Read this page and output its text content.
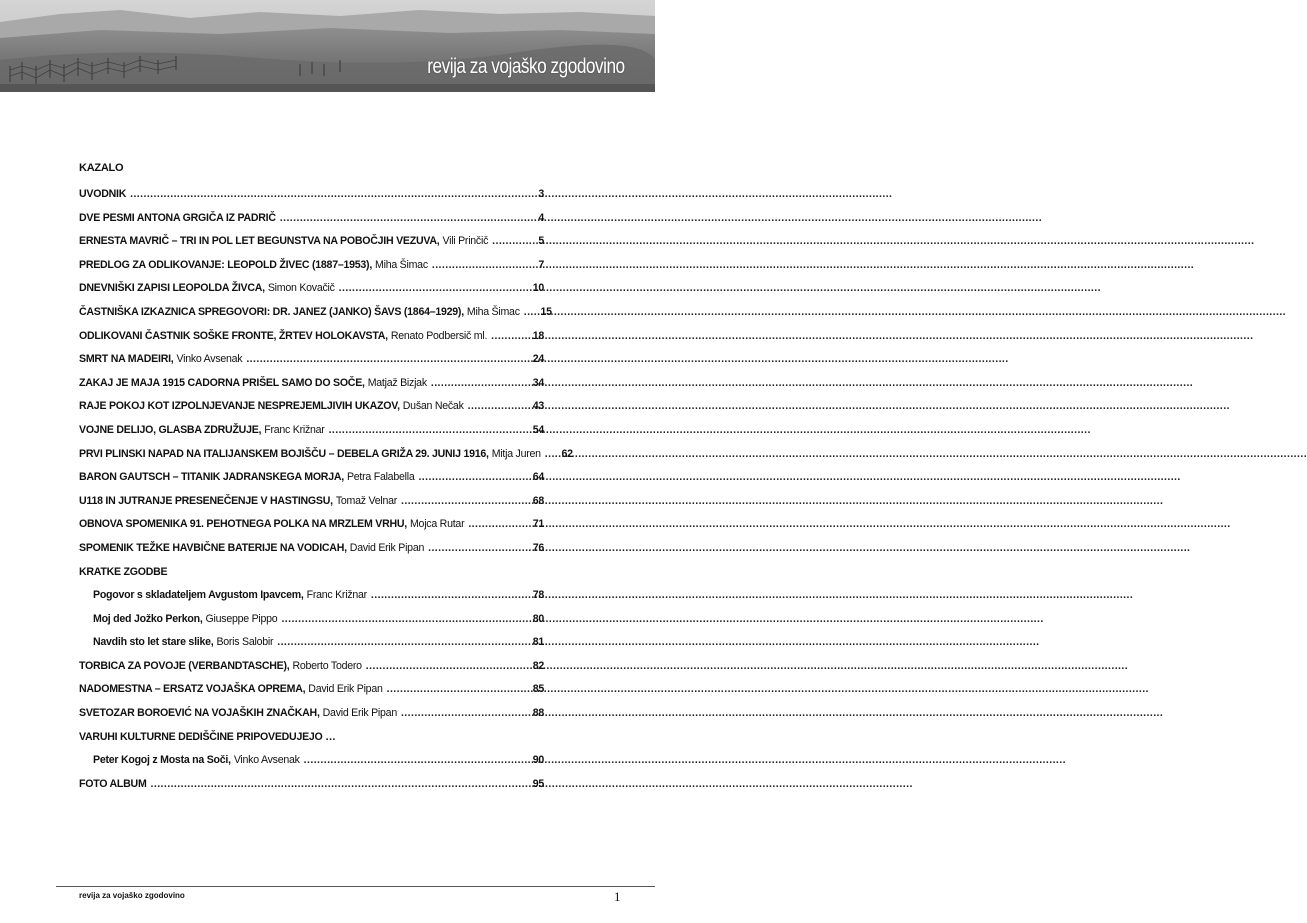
revija za vojaško zgodovino
KAZALO
UVODNIK .....	3
DVE PESMI ANTONA GRGIČA IZ PADRIČ .....	4
ERNESTA MAVRIČ – TRI IN POL LET BEGUNSTVA NA POBOČJIH VEZUVA, Vili Prinčič .....	5
PREDLOG ZA ODLIKOVANJE: LEOPOLD ŽIVEC (1887–1953), Miha Šimac .....	7
DNEVNIŠKI ZAPISI LEOPOLDA ŽIVCA, Simon Kovačič .....	10
ČASTNIŠKA IZKAZNICA SPREGOVORI: DR. JANEZ (JANKO) ŠAVS (1864–1929), Miha Šimac ..... 15
ODLIKOVANI ČASTNIK SOŠKE FRONTE, ŽRTEV HOLOKAVSTA, Renato Podbersič ml. .....	18
SMRT NA MADEIRI, Vinko Avsenak .....	24
ZAKAJ JE MAJA 1915 CADORNA PRIŠEL SAMO DO SOČE, Matjaž Bizjak .....	34
RAJE POKOJ KOT IZPOLNJEVANJE NESPREJEMLJIVIH UKAZOV, Dušan Nečak .....	43
VOJNE DELIJO, GLASBA ZDRUŽUJE, Franc Križnar .....	54
PRVI PLINSKI NAPAD NA ITALIJANSKEM BOJIŠČU – DEBELA GRIŽA 29. JUNIJ 1916, Mitja Juren ..... 62
BARON GAUTSCH – TITANIK JADRANSKEGA MORJA, Petra Falabella .....	64
U118 IN JUTRANJE PRESENEČENJE V HASTINGSU, Tomaž Velnar .....	68
OBNOVA SPOMENIKA 91. PEHOTNEGA POLKA NA MRZLEM VRHU, Mojca Rutar .....	71
SPOMENIK TEŽKE HAVBIČNE BATERIJE NA VODICAH, David Erik Pipan .....	76
KRATKE ZGODBE
Pogovor s skladateljem Avgustom Ipavcem, Franc Križnar .....	78
Moj ded Jožko Perkon, Giuseppe Pippo .....	80
Navdih sto let stare slike, Boris Salobir .....	81
TORBICA ZA POVOJE (VERBANDTASCHE), Roberto Todero .....	82
NADOMESTNA – ERSATZ VOJAŠKA OPREMA, David Erik Pipan .....	85
SVETOZAR BOROEVIĆ NA VOJAŠKIH ZNAČKAH, David Erik Pipan .....	88
VARUHI KULTURNE DEDIŠČINE PRIPOVEDUJEJO …
Peter Kogoj z Mosta na Soči, Vinko Avsenak .....	90
FOTO ALBUM .....	95
revija za vojaško zgodovino	1
